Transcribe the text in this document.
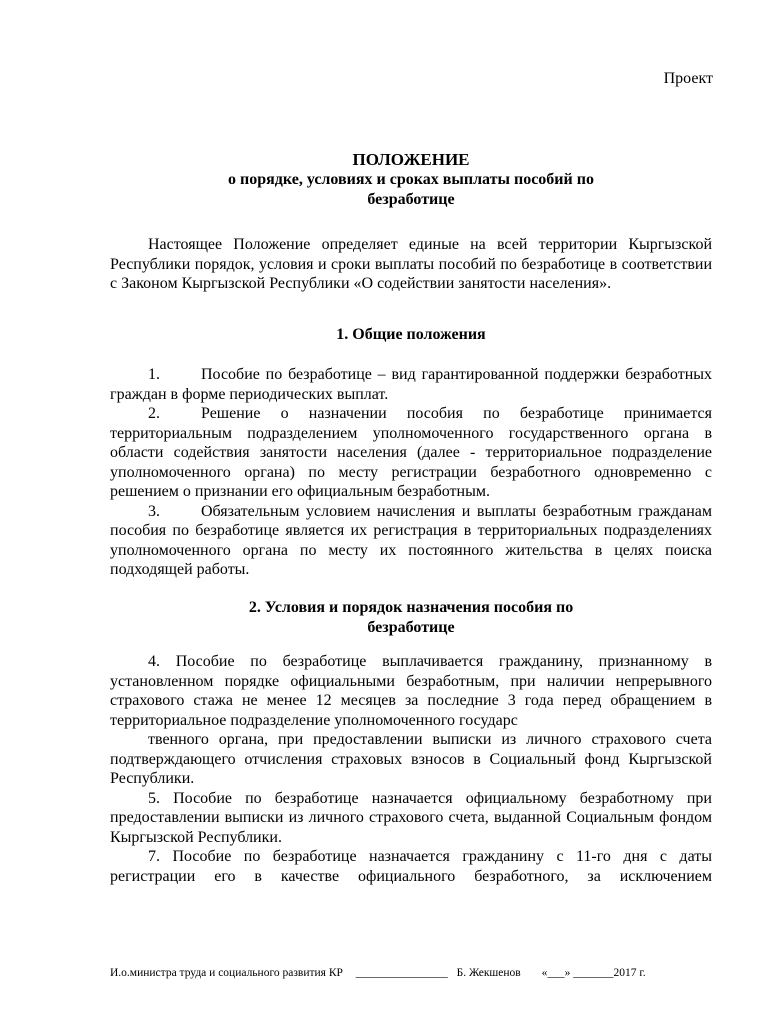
Проект

ПОЛОЖЕНИЕ

о порядке, условиях и сроках выплаты пособий по

безработице

Настоящее Положение определяет единые на всей территории Кыргызской Республики порядок, условия и сроки выплаты пособий по безработице в соответствии с Законом Кыргызской Республики «О содействии занятости населения».

1. Общие положения

1.	Пособие по безработице – вид гарантированной поддержки безработных граждан в форме периодических выплат.

2.	Решение о назначении пособия по безработице принимается территориальным подразделением уполномоченного государственного органа в области содействия занятости населения (далее - территориальное подразделение уполномоченного органа) по месту регистрации безработного одновременно с решением о признании его официальным безработным.

3.	Обязательным условием начисления и выплаты безработным гражданам пособия по безработице является их регистрация в территориальных подразделениях уполномоченного органа по месту их постоянного жительства в целях поиска подходящей работы.

2. Условия и порядок назначения пособия по

безработице

4. Пособие по безработице выплачивается гражданину, признанному в установленном порядке официальными безработным, при наличии непрерывного страхового стажа не менее 12 месяцев за последние 3 года перед обращением в территориальное подразделение уполномоченного государс

твенного органа, при предоставлении выписки из личного страхового счета подтверждающего отчисления страховых взносов в Социальный фонд Кыргызской Республики.

5. Пособие по безработице назначается официальному безработному при предоставлении выписки из личного страхового счета, выданной Социальным фондом Кыргызской Республики.

7. Пособие по безработице назначается гражданину с 11-го дня с даты регистрации его в качестве официального безработного, за исключением

И.о.министра труда и социального развития КР ________________ Б. Жекшенов «___» _______2017 г.
